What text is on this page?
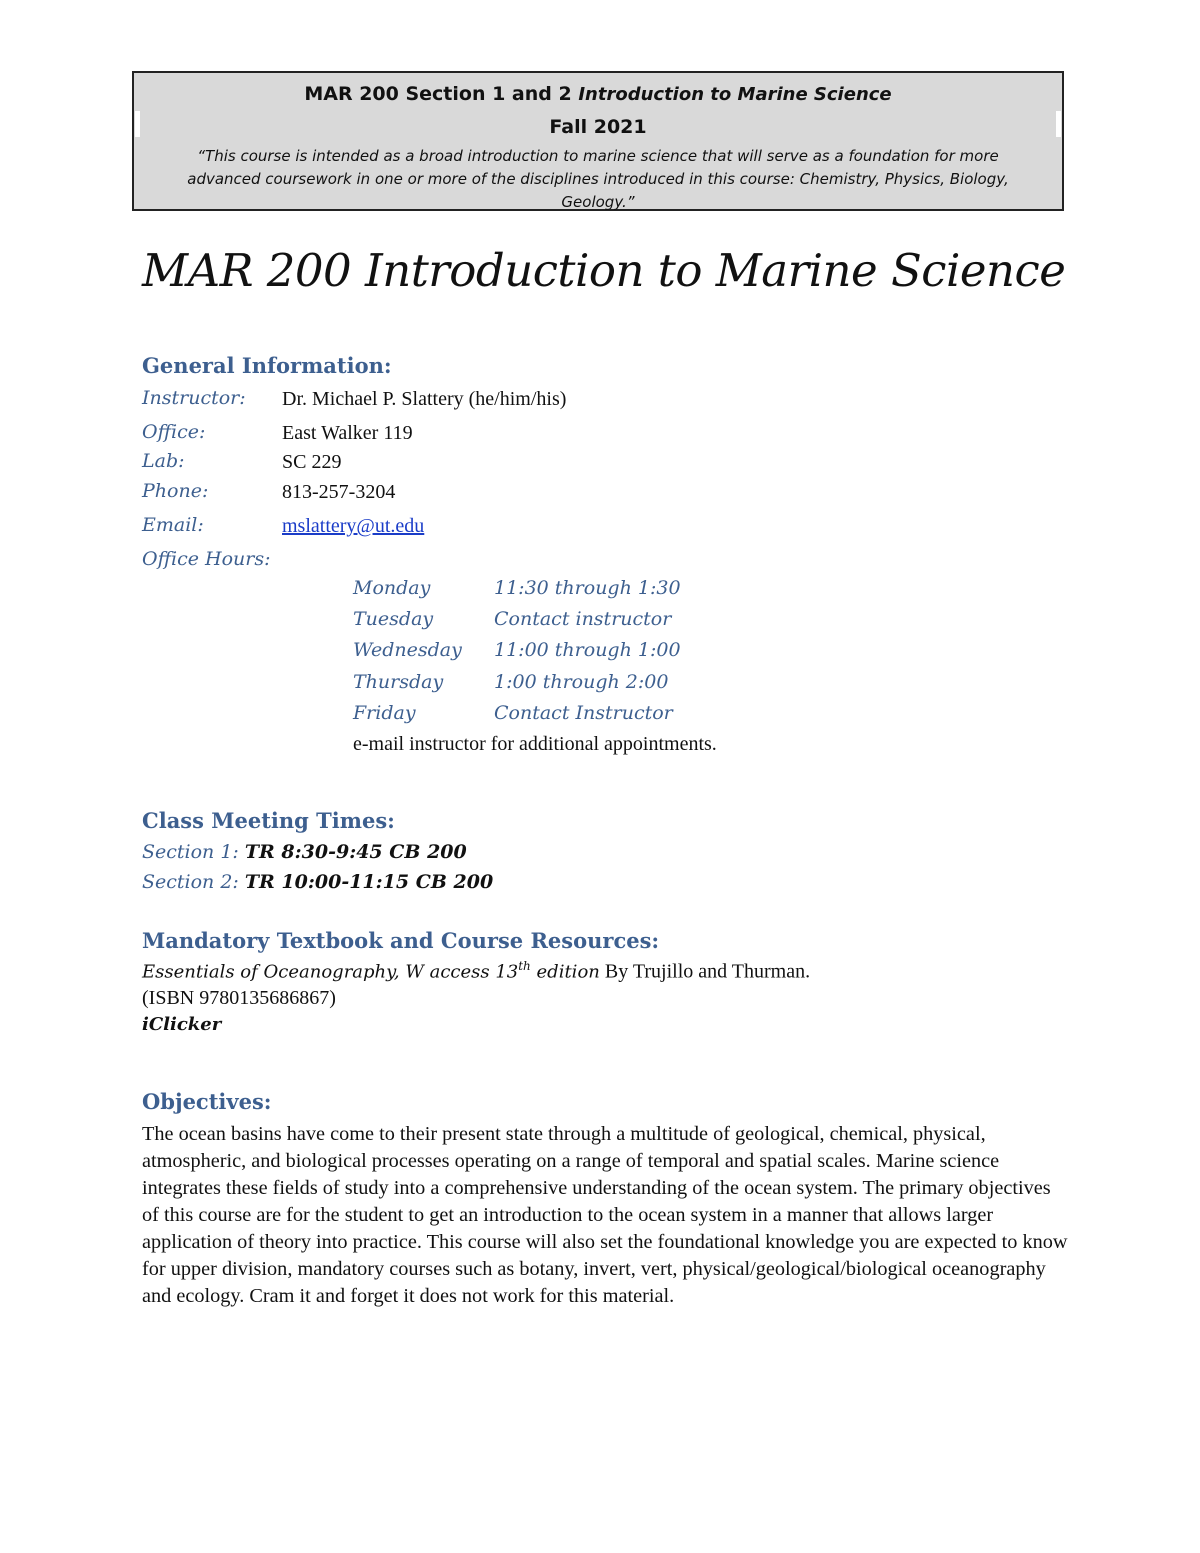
MAR 200 Section 1 and 2 Introduction to Marine Science
Fall 2021
“This course is intended as a broad introduction to marine science that will serve as a foundation for more advanced coursework in one or more of the disciplines introduced in this course: Chemistry, Physics, Biology, Geology.”
MAR 200 Introduction to Marine Science
General Information:
Instructor: Dr. Michael P. Slattery (he/him/his)
Office:	East Walker 119
Lab:	SC 229
Phone:	813-257-3204
Email:	mslattery@ut.edu
Office Hours:
Monday	11:30 through 1:30
Tuesday	Contact instructor
Wednesday 11:00 through 1:00
Thursday	1:00 through 2:00
Friday	Contact Instructor
e-mail instructor for additional appointments.
Class Meeting Times:
Section 1: TR 8:30-9:45 CB 200
Section 2: TR 10:00-11:15 CB 200
Mandatory Textbook and Course Resources:
Essentials of Oceanography, W access 13th edition By Trujillo and Thurman.
(ISBN 9780135686867)
iClicker
Objectives:

The ocean basins have come to their present state through a multitude of geological, chemical, physical, atmospheric, and biological processes operating on a range of temporal and spatial scales. Marine science integrates these fields of study into a comprehensive understanding of the ocean system. The primary objectives of this course are for the student to get an introduction to the ocean system in a manner that allows larger application of theory into practice. This course will also set the foundational knowledge you are expected to know for upper division, mandatory courses such as botany, invert, vert, physical/geological/biological oceanography and ecology. Cram it and forget it does not work for this material.
